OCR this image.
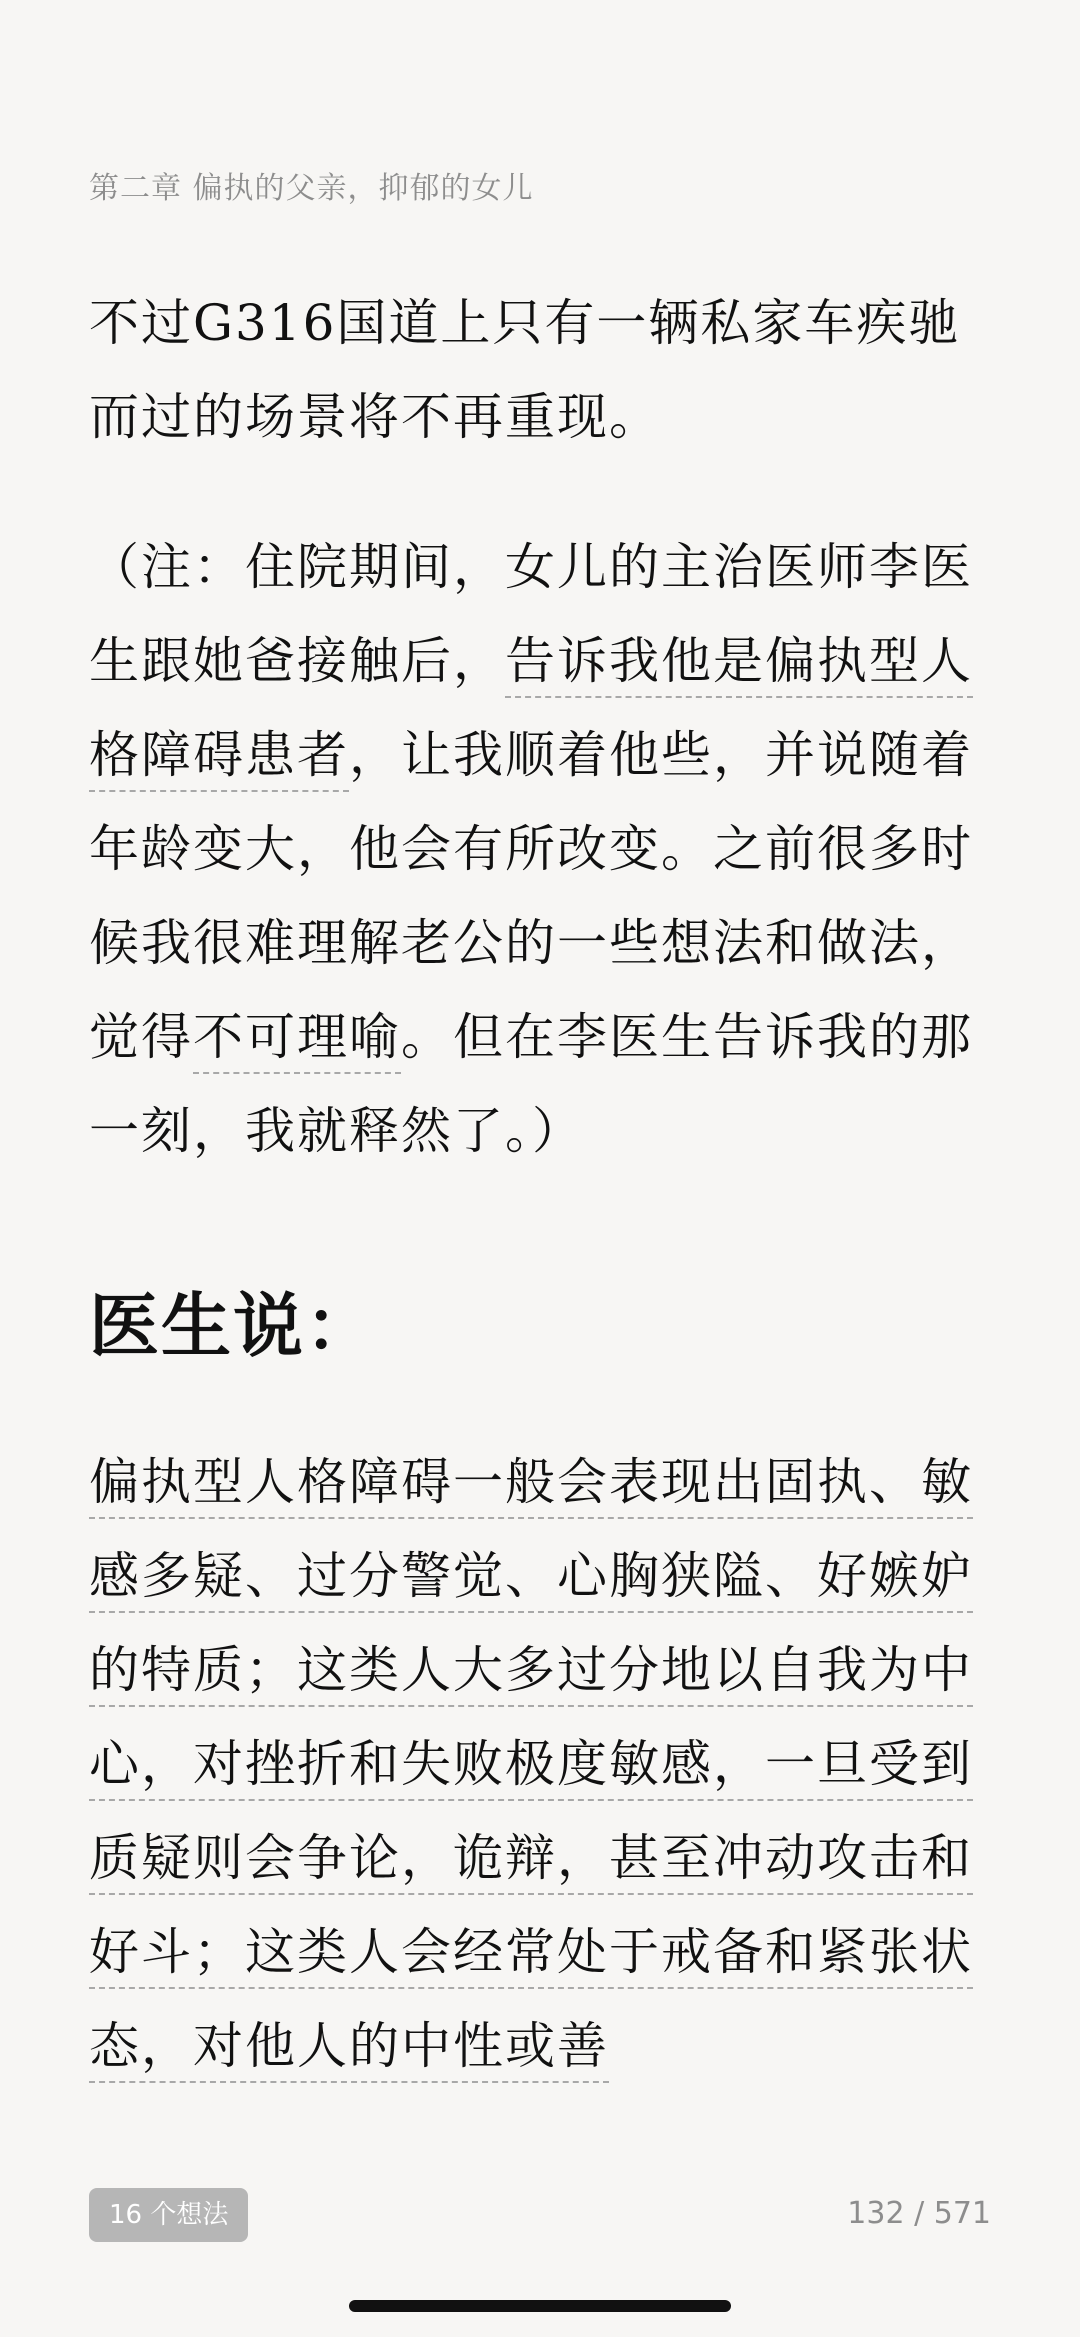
第二章 偏执的父亲，抑郁的女儿
不过G316国道上只有一辆私家车疾驰而过的场景将不再重现。
（注：住院期间，女儿的主治医师李医生跟她爸接触后，告诉我他是偏执型人格障碍患者，让我顺着他些，并说随着年龄变大，他会有所改变。之前很多时候我很难理解老公的一些想法和做法，觉得不可理喻。但在李医生告诉我的那一刻，我就释然了。）
医生说：
偏执型人格障碍一般会表现出固执、敏感多疑、过分警觉、心胸狭隘、好嫉妒的特质；这类人大多过分地以自我为中心，对挫折和失败极度敏感，一旦受到质疑则会争论，诡辩，甚至冲动攻击和好斗；这类人会经常处于戒备和紧张状态，对他人的中性或善
16 个想法	132 / 571
